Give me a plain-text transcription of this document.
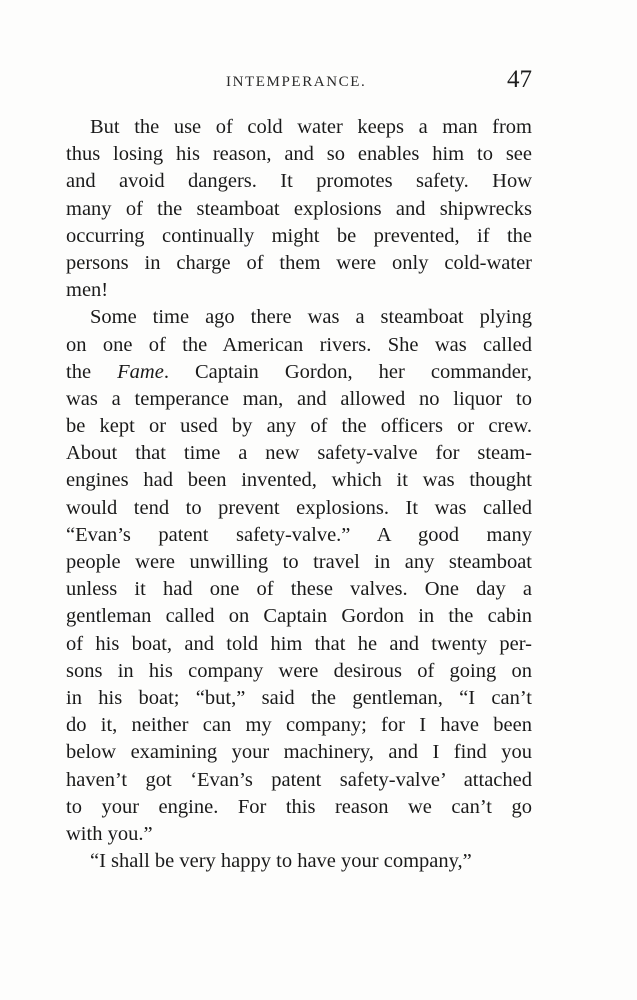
INTEMPERANCE.	47
But the use of cold water keeps a man from
thus losing his reason, and so enables him to see
and avoid dangers. It promotes safety. How
many of the steamboat explosions and shipwrecks
occurring continually might be prevented, if the
persons in charge of them were only cold-water
men!
Some time ago there was a steamboat plying
on one of the American rivers. She was called
the Fame. Captain Gordon, her commander,
was a temperance man, and allowed no liquor to
be kept or used by any of the officers or crew.
About that time a new safety-valve for steam-
engines had been invented, which it was thought
would tend to prevent explosions. It was called
“Evan’s patent safety-valve.” A good many
people were unwilling to travel in any steamboat
unless it had one of these valves. One day a
gentleman called on Captain Gordon in the cabin
of his boat, and told him that he and twenty per-
sons in his company were desirous of going on
in his boat; “but,” said the gentleman, “I can’t
do it, neither can my company; for I have been
below examining your machinery, and I find you
haven’t got ‘Evan’s patent safety-valve’ attached
to your engine. For this reason we can’t go
with you.”
“I shall be very happy to have your company,”
